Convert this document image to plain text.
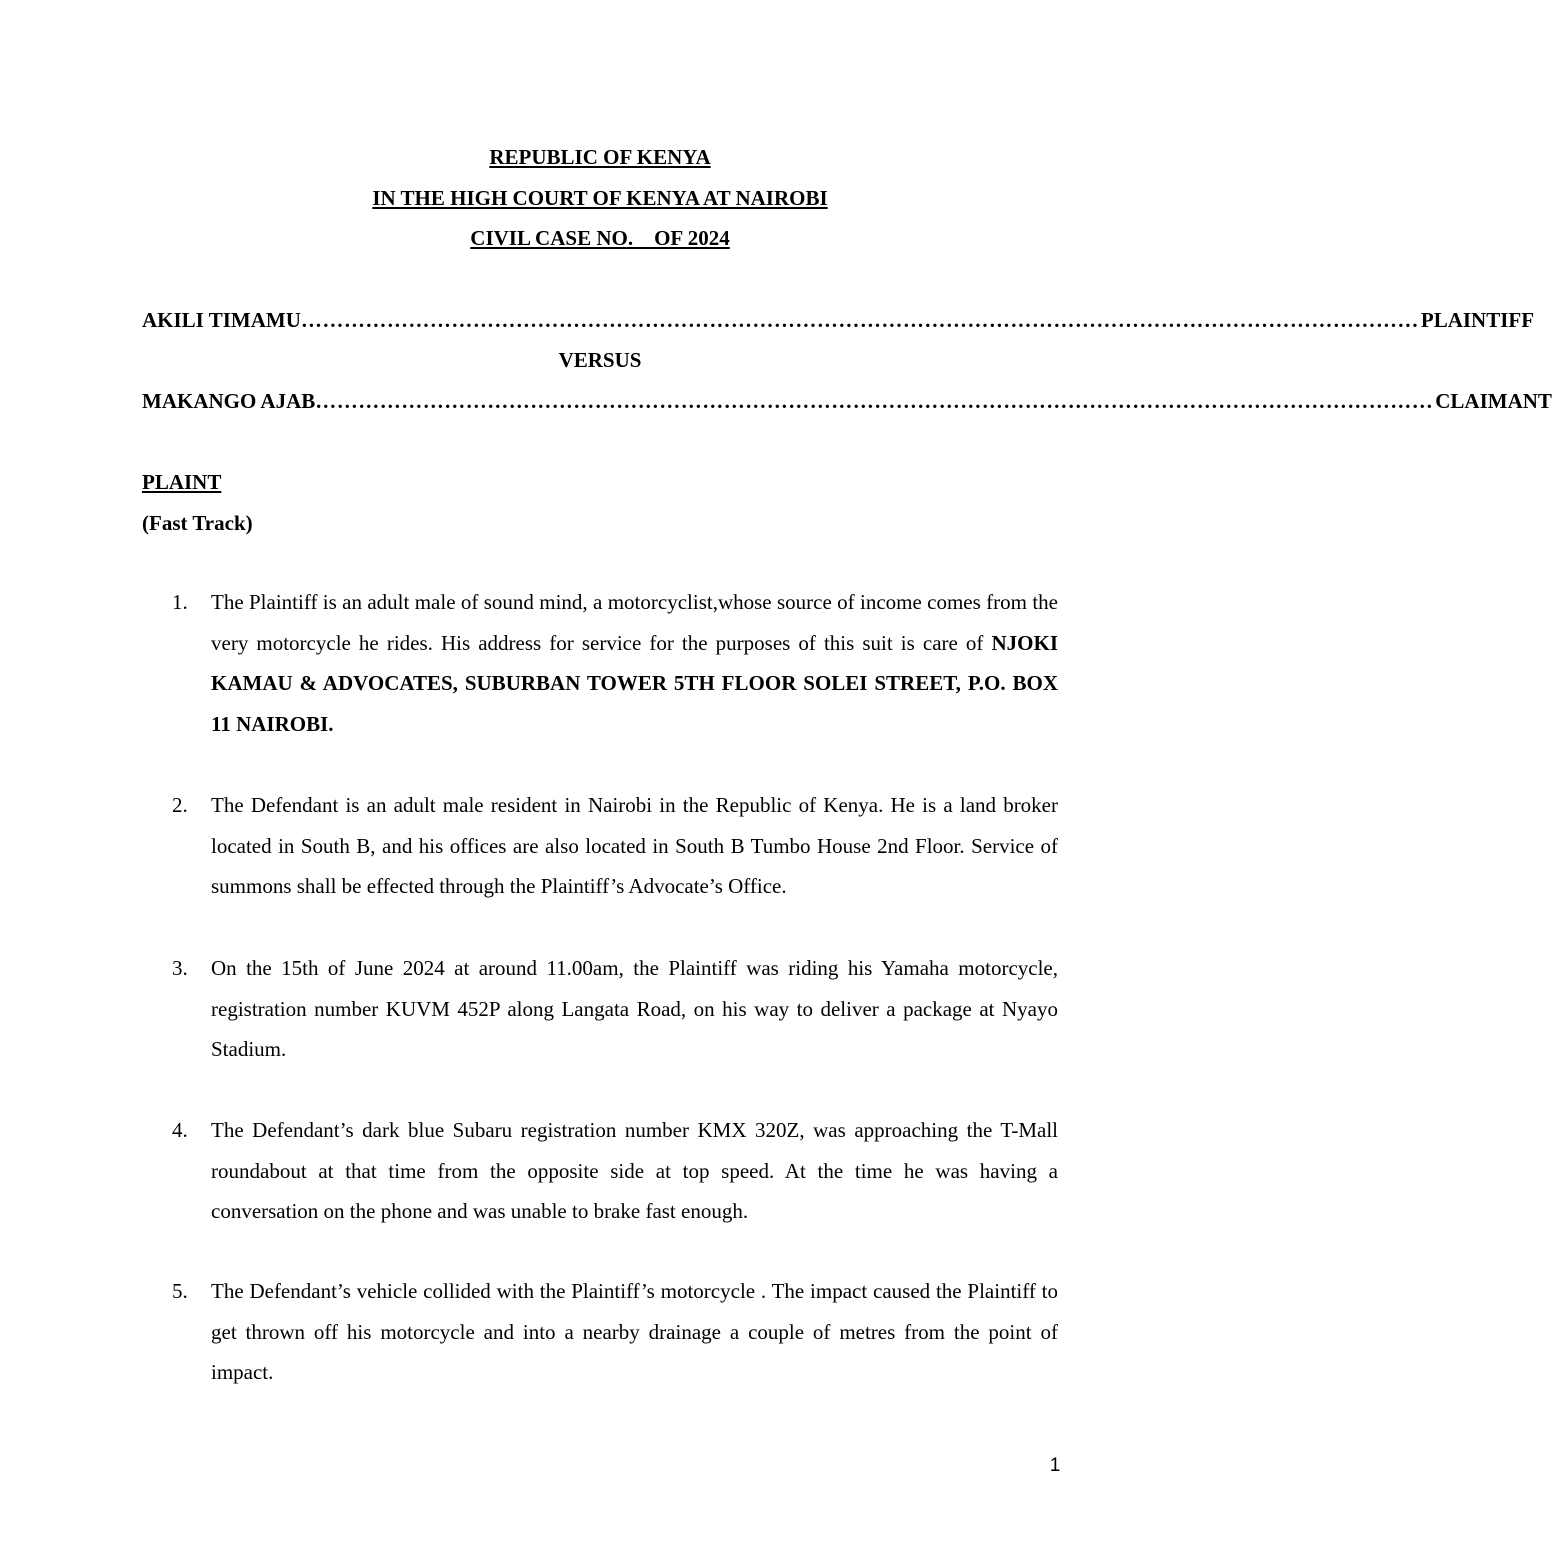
REPUBLIC OF KENYA
IN THE HIGH COURT OF KENYA AT NAIROBI
CIVIL CASE NO.    OF 2024
AKILI TIMAMU ………………………………………………………………………………………………………………………………………… PLAINTIFF
VERSUS
MAKANGO AJAB ………………………………………………………………………………………………………………………………………… CLAIMANT
PLAINT
(Fast Track)
1.	The Plaintiff is an adult male of sound mind, a motorcyclist,whose source of income comes from the very motorcycle he rides. His address for service for the purposes of this suit is care of NJOKI KAMAU & ADVOCATES, SUBURBAN TOWER 5TH FLOOR SOLEI STREET, P.O. BOX 11 NAIROBI.
2.	The Defendant is an adult male resident in Nairobi in the Republic of Kenya. He is a land broker located in South B, and his offices are also located in South B Tumbo House 2nd Floor. Service of summons shall be effected through the Plaintiff’s Advocate’s Office.
3.	On the 15th of June 2024 at around 11.00am, the Plaintiff was riding his Yamaha motorcycle, registration number KUVM 452P along Langata Road, on his way to deliver a package at Nyayo Stadium.
4.	The Defendant’s dark blue Subaru registration number KMX 320Z, was approaching the T-Mall roundabout at that time from the opposite side at top speed. At the time he was having a conversation on the phone and was unable to brake fast enough.
5.	The Defendant’s vehicle collided with the Plaintiff’s motorcycle . The impact caused the Plaintiff to get thrown off his motorcycle and into a nearby drainage a couple of metres from the point of impact.
1
